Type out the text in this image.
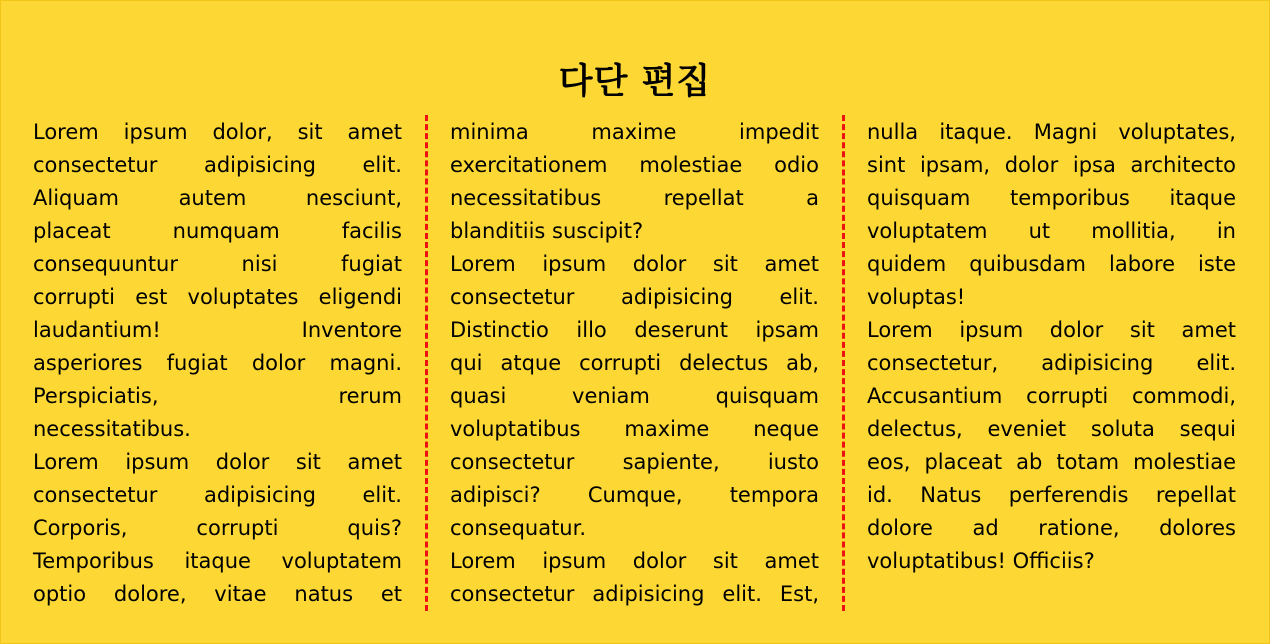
다단 편집
Lorem ipsum dolor, sit amet
consectetur adipisicing elit.
Aliquam autem nesciunt,
placeat numquam facilis
consequuntur nisi fugiat
corrupti est voluptates eligendi
laudantium! Inventore
asperiores fugiat dolor magni.
Perspiciatis, rerum
necessitatibus.
Lorem ipsum dolor sit amet
consectetur adipisicing elit.
Corporis, corrupti quis?
Temporibus itaque voluptatem
optio dolore, vitae natus et
minima maxime impedit
exercitationem molestiae odio
necessitatibus repellat a
blanditiis suscipit?
Lorem ipsum dolor sit amet
consectetur adipisicing elit.
Distinctio illo deserunt ipsam
qui atque corrupti delectus ab,
quasi veniam quisquam
voluptatibus maxime neque
consectetur sapiente, iusto
adipisci? Cumque, tempora
consequatur.
Lorem ipsum dolor sit amet
consectetur adipisicing elit. Est,
nulla itaque. Magni voluptates,
sint ipsam, dolor ipsa architecto
quisquam temporibus itaque
voluptatem ut mollitia, in
quidem quibusdam labore iste
voluptas!
Lorem ipsum dolor sit amet
consectetur, adipisicing elit.
Accusantium corrupti commodi,
delectus, eveniet soluta sequi
eos, placeat ab totam molestiae
id. Natus perferendis repellat
dolore ad ratione, dolores
voluptatibus! Officiis?
